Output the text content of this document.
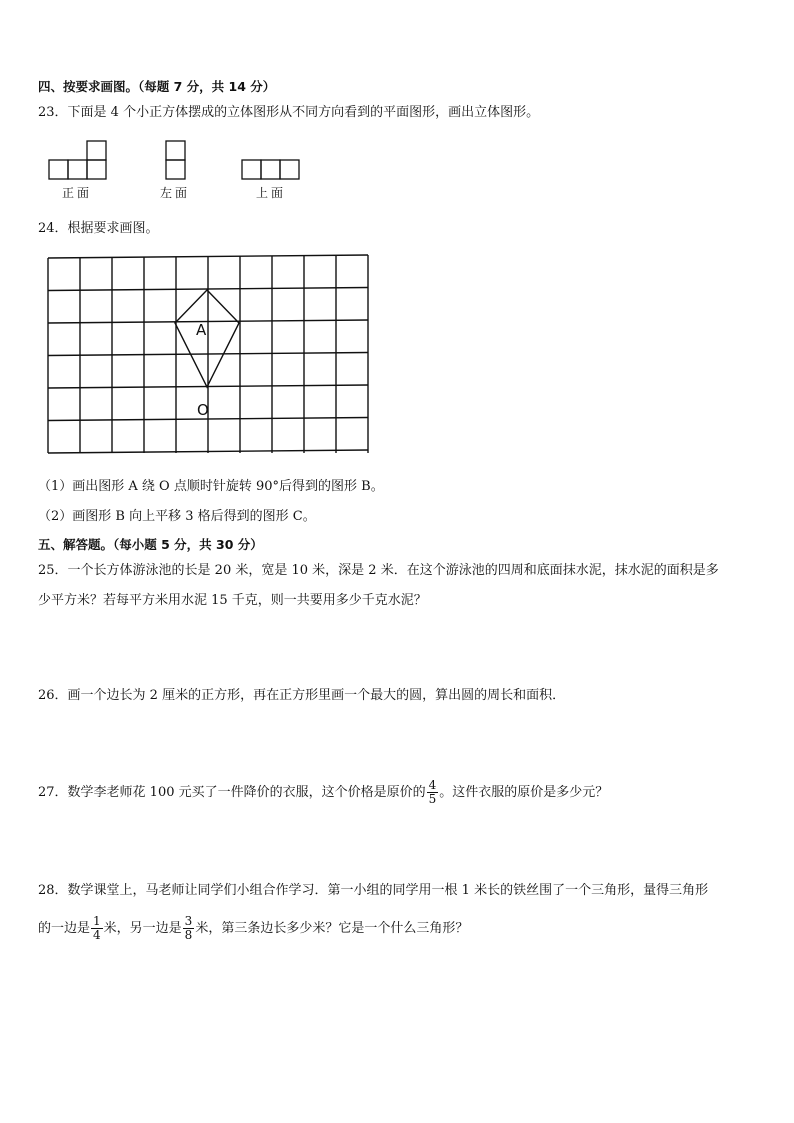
四、按要求画图。（每题 7 分，共 14 分）
23．下面是 4 个小正方体摆成的立体图形从不同方向看到的平面图形，画出立体图形。
正面	左面	上面
24．根据要求画图。
A
O
（1）画出图形 A 绕 O 点顺时针旋转 90°后得到的图形 B。
（2）画图形 B 向上平移 3 格后得到的图形 C。
五、解答题。（每小题 5 分，共 30 分）
25．一个长方体游泳池的长是 20 米，宽是 10 米，深是 2 米．在这个游泳池的四周和底面抹水泥，抹水泥的面积是多
少平方米？若每平方米用水泥 15 千克，则一共要用多少千克水泥？
26．画一个边长为 2 厘米的正方形，再在正方形里画一个最大的圆，算出圆的周长和面积．
27．数学李老师花 100 元买了一件降价的衣服，这个价格是原价的 $\frac{4}{5}$ 。这件衣服的原价是多少元？
28．数学课堂上，马老师让同学们小组合作学习．第一小组的同学用一根 1 米长的铁丝围了一个三角形，量得三角形
的一边是 $\frac{1}{4}$ 米，另一边是 $\frac{3}{8}$ 米，第三条边长多少米？它是一个什么三角形？
